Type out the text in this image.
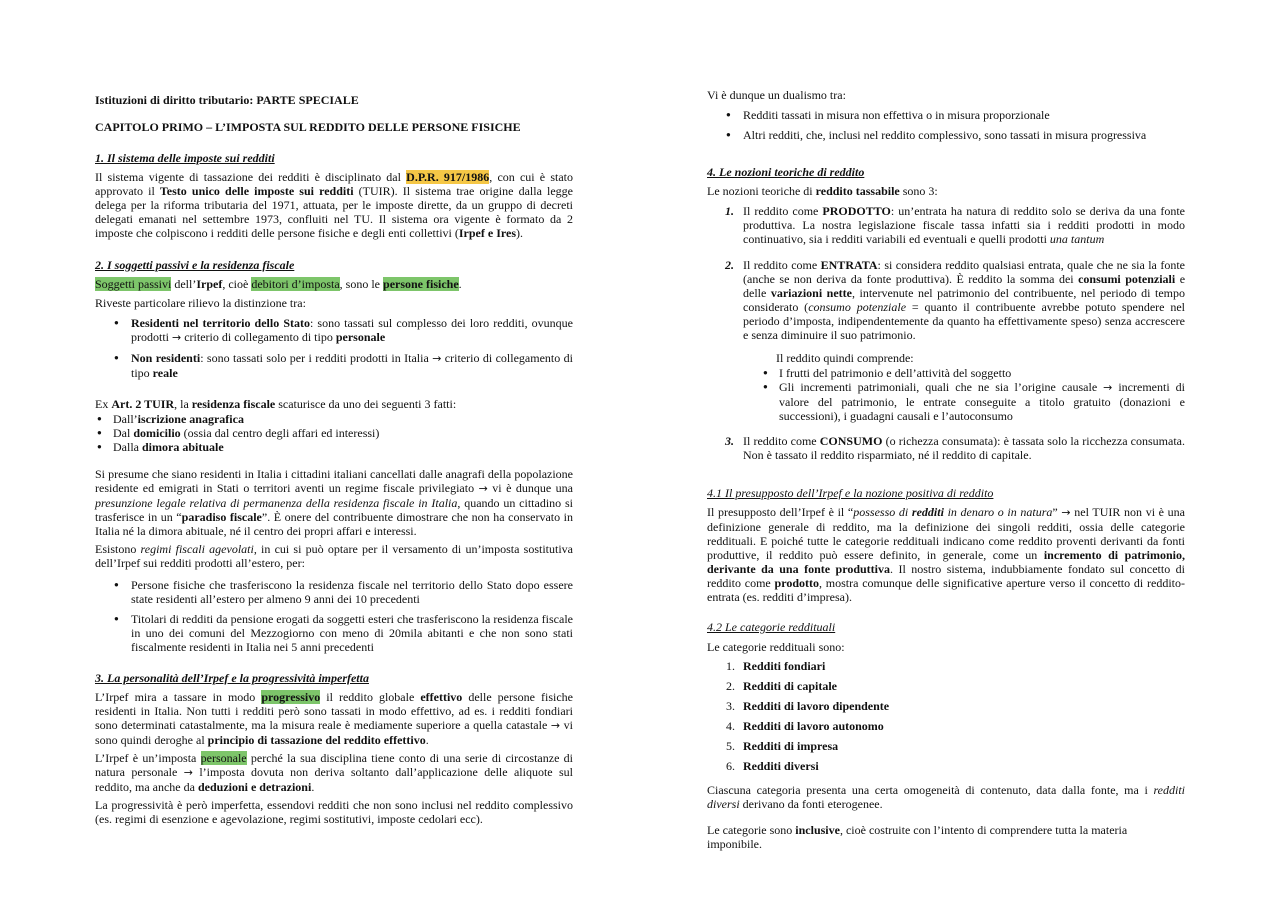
Istituzioni di diritto tributario: PARTE SPECIALE

CAPITOLO PRIMO – L’IMPOSTA SUL REDDITO DELLE PERSONE FISICHE

1. Il sistema delle imposte sui redditi

Il sistema vigente di tassazione dei redditi è disciplinato dal D.P.R. 917/1986, con cui è stato approvato il Testo unico delle imposte sui redditi (TUIR). Il sistema trae origine dalla legge delega per la riforma tributaria del 1971, attuata, per le imposte dirette, da un gruppo di decreti delegati emanati nel settembre 1973, confluiti nel TU. Il sistema ora vigente è formato da 2 imposte che colpiscono i redditi delle persone fisiche e degli enti collettivi (Irpef e Ires).

2. I soggetti passivi e la residenza fiscale

Soggetti passivi dell’Irpef, cioè debitori d’imposta, sono le persone fisiche.

Riveste particolare rilievo la distinzione tra:

● Residenti nel territorio dello Stato: sono tassati sul complesso dei loro redditi, ovunque prodotti → criterio di collegamento di tipo personale
● Non residenti: sono tassati solo per i redditi prodotti in Italia → criterio di collegamento di tipo reale

Ex Art. 2 TUIR, la residenza fiscale scaturisce da uno dei seguenti 3 fatti:

● Dall’iscrizione anagrafica
● Dal domicilio (ossia dal centro degli affari ed interessi)
● Dalla dimora abituale

Si presume che siano residenti in Italia i cittadini italiani cancellati dalle anagrafi della popolazione residente ed emigrati in Stati o territori aventi un regime fiscale privilegiato → vi è dunque una presunzione legale relativa di permanenza della residenza fiscale in Italia, quando un cittadino si trasferisce in un “paradiso fiscale”. È onere del contribuente dimostrare che non ha conservato in Italia né la dimora abituale, né il centro dei propri affari e interessi.

Esistono regimi fiscali agevolati, in cui si può optare per il versamento di un’imposta sostitutiva dell’Irpef sui redditi prodotti all’estero, per:

● Persone fisiche che trasferiscono la residenza fiscale nel territorio dello Stato dopo essere state residenti all’estero per almeno 9 anni dei 10 precedenti
● Titolari di redditi da pensione erogati da soggetti esteri che trasferiscono la residenza fiscale in uno dei comuni del Mezzogiorno con meno di 20mila abitanti e che non sono stati fiscalmente residenti in Italia nei 5 anni precedenti

3. La personalità dell’Irpef e la progressività imperfetta

L’Irpef mira a tassare in modo progressivo il reddito globale effettivo delle persone fisiche residenti in Italia. Non tutti i redditi però sono tassati in modo effettivo, ad es. i redditi fondiari sono determinati catastalmente, ma la misura reale è mediamente superiore a quella catastale → vi sono quindi deroghe al principio di tassazione del reddito effettivo.

L’Irpef è un’imposta personale perché la sua disciplina tiene conto di una serie di circostanze di natura personale → l’imposta dovuta non deriva soltanto dall’applicazione delle aliquote sul reddito, ma anche da deduzioni e detrazioni.

La progressività è però imperfetta, essendovi redditi che non sono inclusi nel reddito complessivo (es. regimi di esenzione e agevolazione, regimi sostitutivi, imposte cedolari ecc).

Vi è dunque un dualismo tra:

● Redditi tassati in misura non effettiva o in misura proporzionale
● Altri redditi, che, inclusi nel reddito complessivo, sono tassati in misura progressiva

4. Le nozioni teoriche di reddito

Le nozioni teoriche di reddito tassabile sono 3:

1. Il reddito come PRODOTTO: un’entrata ha natura di reddito solo se deriva da una fonte produttiva. La nostra legislazione fiscale tassa infatti sia i redditi prodotti in modo continuativo, sia i redditi variabili ed eventuali e quelli prodotti una tantum
2. Il reddito come ENTRATA: si considera reddito qualsiasi entrata, quale che ne sia la fonte (anche se non deriva da fonte produttiva). È reddito la somma dei consumi potenziali e delle variazioni nette, intervenute nel patrimonio del contribuente, nel periodo di tempo considerato (consumo potenziale = quanto il contribuente avrebbe potuto spendere nel periodo d’imposta, indipendentemente da quanto ha effettivamente speso) senza accrescere e senza diminuire il suo patrimonio.

Il reddito quindi comprende:

● I frutti del patrimonio e dell’attività del soggetto
● Gli incrementi patrimoniali, quali che ne sia l’origine causale → incrementi di valore del patrimonio, le entrate conseguite a titolo gratuito (donazioni e successioni), i guadagni causali e l’autoconsumo
3. Il reddito come CONSUMO (o richezza consumata): è tassata solo la ricchezza consumata. Non è tassato il reddito risparmiato, né il reddito di capitale.

4.1 Il presupposto dell’Irpef e la nozione positiva di reddito

Il presupposto dell’Irpef è il “possesso di redditi in denaro o in natura” → nel TUIR non vi è una definizione generale di reddito, ma la definizione dei singoli redditi, ossia delle categorie reddituali. E poiché tutte le categorie reddituali indicano come reddito proventi derivanti da fonti produttive, il reddito può essere definito, in generale, come un incremento di patrimonio, derivante da una fonte produttiva. Il nostro sistema, indubbiamente fondato sul concetto di reddito come prodotto, mostra comunque delle significative aperture verso il concetto di reddito-entrata (es. redditi d’impresa).

4.2 Le categorie reddituali

Le categorie reddituali sono:

1. Redditi fondiari
2. Redditi di capitale
3. Redditi di lavoro dipendente
4. Redditi di lavoro autonomo
5. Redditi di impresa
6. Redditi diversi

Ciascuna categoria presenta una certa omogeneità di contenuto, data dalla fonte, ma i redditi diversi derivano da fonti eterogenee.

Le categorie sono inclusive, cioè costruite con l’intento di comprendere tutta la materia imponibile.
